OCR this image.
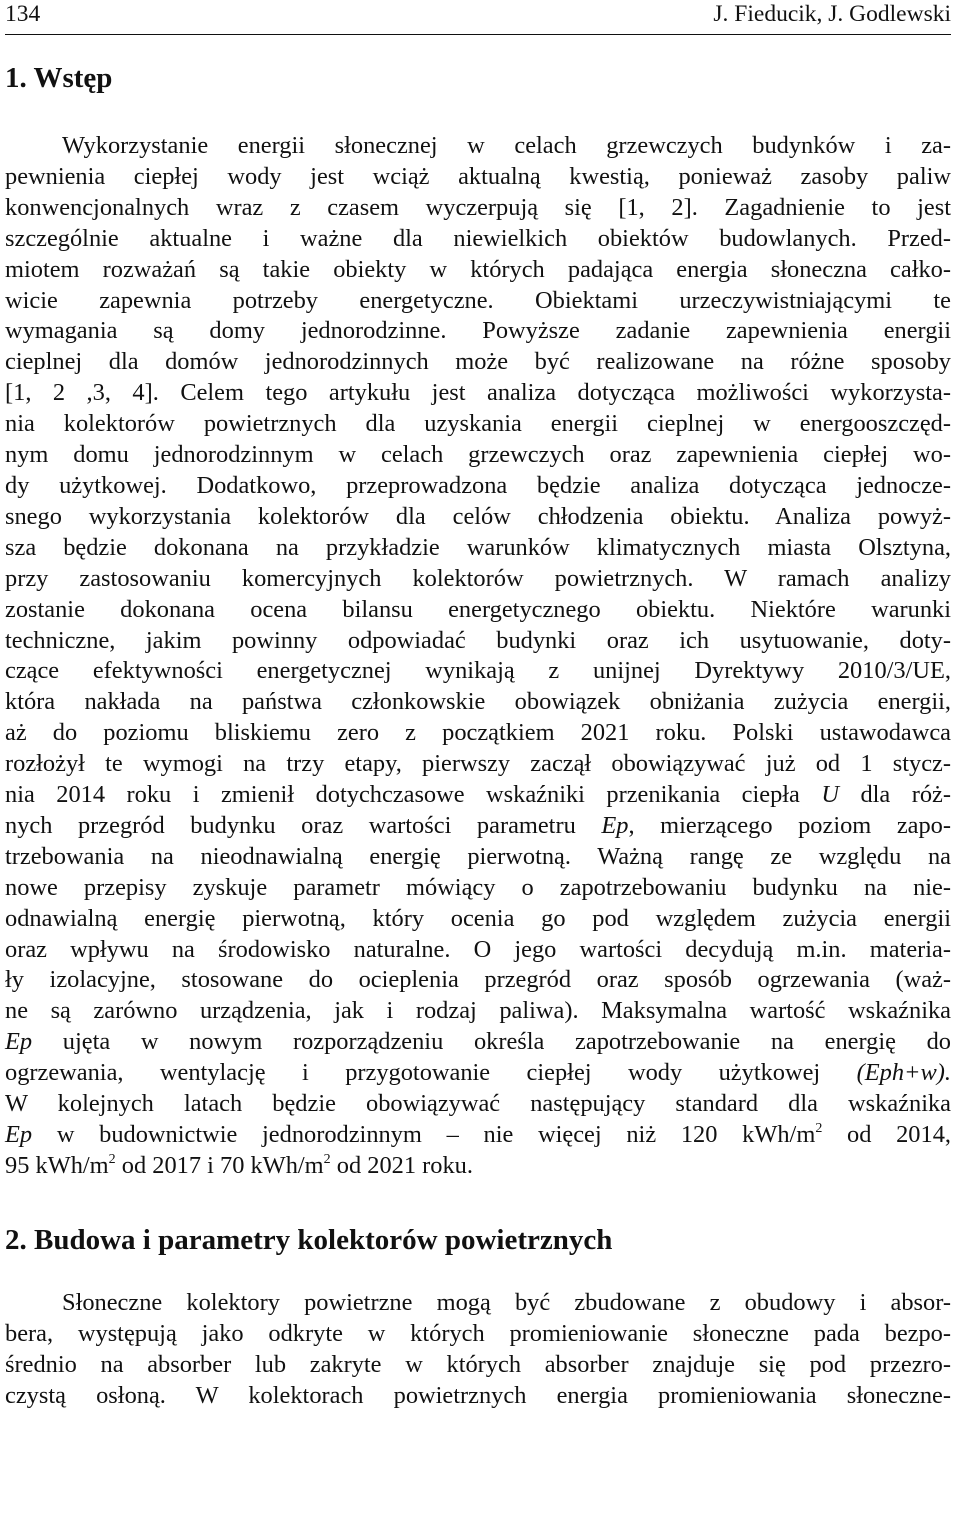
134	J. Fieducik, J. Godlewski
1. Wstęp
Wykorzystanie energii słonecznej w celach grzewczych budynków i za-
pewnienia ciepłej wody jest wciąż aktualną kwestią, ponieważ zasoby paliw
konwencjonalnych wraz z czasem wyczerpują się [1, 2]. Zagadnienie to jest
szczególnie aktualne i ważne dla niewielkich obiektów budowlanych. Przed-
miotem rozważań są takie obiekty w których padająca energia słoneczna całko-
wicie zapewnia potrzeby energetyczne. Obiektami urzeczywistniającymi te
wymagania są domy jednorodzinne. Powyższe zadanie zapewnienia energii
cieplnej dla domów jednorodzinnych może być realizowane na różne sposoby
[1, 2 ,3, 4]. Celem tego artykułu jest analiza dotycząca możliwości wykorzysta-
nia kolektorów powietrznych dla uzyskania energii cieplnej w energooszczęd-
nym domu jednorodzinnym w celach grzewczych oraz zapewnienia ciepłej wo-
dy użytkowej. Dodatkowo, przeprowadzona będzie analiza dotycząca jednocze-
snego wykorzystania kolektorów dla celów chłodzenia obiektu. Analiza powyż-
sza będzie dokonana na przykładzie warunków klimatycznych miasta Olsztyna,
przy zastosowaniu komercyjnych kolektorów powietrznych. W ramach analizy
zostanie dokonana ocena bilansu energetycznego obiektu. Niektóre warunki
techniczne, jakim powinny odpowiadać budynki oraz ich usytuowanie, doty-
czące efektywności energetycznej wynikają z unijnej Dyrektywy 2010/3/UE,
która nakłada na państwa członkowskie obowiązek obniżania zużycia energii,
aż do poziomu bliskiemu zero z początkiem 2021 roku. Polski ustawodawca
rozłożył te wymogi na trzy etapy, pierwszy zaczął obowiązywać już od 1 stycz-
nia 2014 roku i zmienił dotychczasowe wskaźniki przenikania ciepła U dla róż-
nych przegród budynku oraz wartości parametru Ep, mierzącego poziom zapo-
trzebowania na nieodnawialną energię pierwotną. Ważną rangę ze względu na
nowe przepisy zyskuje parametr mówiący o zapotrzebowaniu budynku na nie-
odnawialną energię pierwotną, który ocenia go pod względem zużycia energii
oraz wpływu na środowisko naturalne. O jego wartości decydują m.in. materia-
ły izolacyjne, stosowane do ocieplenia przegród oraz sposób ogrzewania (waż-
ne są zarówno urządzenia, jak i rodzaj paliwa). Maksymalna wartość wskaźnika
Ep ujęta w nowym rozporządzeniu określa zapotrzebowanie na energię do
ogrzewania, wentylację i przygotowanie ciepłej wody użytkowej (Eph+w).
W kolejnych latach będzie obowiązywać następujący standard dla wskaźnika
Ep w budownictwie jednorodzinnym – nie więcej niż 120 kWh/$m^2$ od 2014,
95 kWh/$m^2$ od 2017 i 70 kWh/$m^2$ od 2021 roku.
2. Budowa i parametry kolektorów powietrznych
Słoneczne kolektory powietrzne mogą być zbudowane z obudowy i absor-
bera, występują jako odkryte w których promieniowanie słoneczne pada bezpo-
średnio na absorber lub zakryte w których absorber znajduje się pod przezro-
czystą osłoną. W kolektorach powietrznych energia promieniowania słoneczne-
